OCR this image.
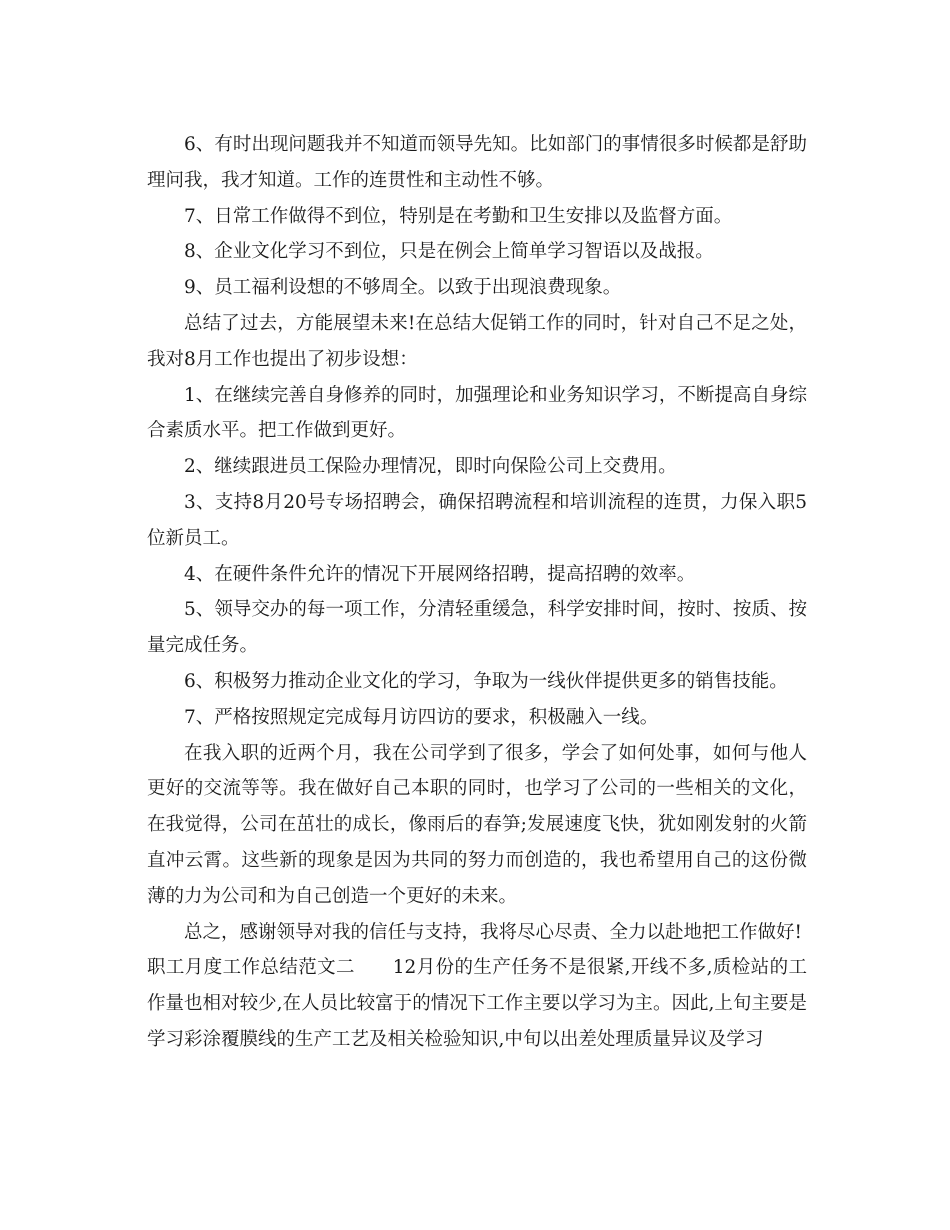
6、有时出现问题我并不知道而领导先知。比如部门的事情很多时候都是舒助理问我，我才知道。工作的连贯性和主动性不够。

7、日常工作做得不到位，特别是在考勤和卫生安排以及监督方面。

8、企业文化学习不到位，只是在例会上简单学习智语以及战报。

9、员工福利设想的不够周全。以致于出现浪费现象。

总结了过去，方能展望未来!在总结大促销工作的同时，针对自己不足之处，我对8月工作也提出了初步设想：

1、在继续完善自身修养的同时，加强理论和业务知识学习，不断提高自身综合素质水平。把工作做到更好。

2、继续跟进员工保险办理情况，即时向保险公司上交费用。

3、支持8月20号专场招聘会，确保招聘流程和培训流程的连贯，力保入职5位新员工。

4、在硬件条件允许的情况下开展网络招聘，提高招聘的效率。

5、领导交办的每一项工作，分清轻重缓急，科学安排时间，按时、按质、按量完成任务。

6、积极努力推动企业文化的学习，争取为一线伙伴提供更多的销售技能。

7、严格按照规定完成每月访四访的要求，积极融入一线。

在我入职的近两个月，我在公司学到了很多，学会了如何处事，如何与他人更好的交流等等。我在做好自己本职的同时，也学习了公司的一些相关的文化，在我觉得，公司在茁壮的成长，像雨后的春笋;发展速度飞快，犹如刚发射的火箭直冲云霄。这些新的现象是因为共同的努力而创造的，我也希望用自己的这份微薄的力为公司和为自己创造一个更好的未来。

总之，感谢领导对我的信任与支持，我将尽心尽责、全力以赴地把工作做好!

职工月度工作总结范文二　　12月份的生产任务不是很紧,开线不多,质检站的工作量也相对较少,在人员比较富于的情况下工作主要以学习为主。因此,上旬主要是学习彩涂覆膜线的生产工艺及相关检验知识,中旬以出差处理质量异议及学习
